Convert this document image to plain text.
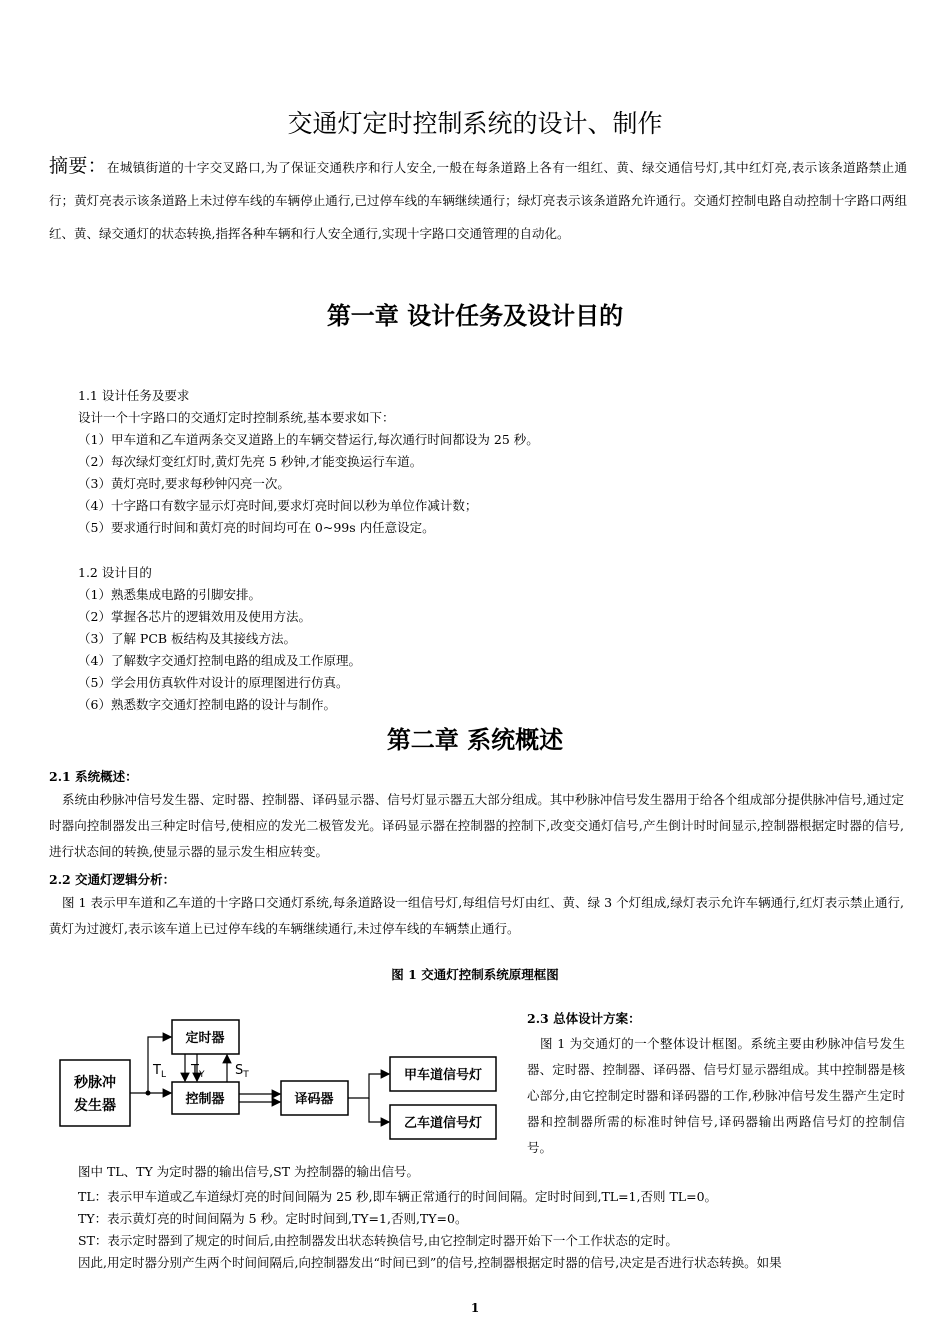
交通灯定时控制系统的设计、制作
摘要：在城镇街道的十字交叉路口,为了保证交通秩序和行人安全,一般在每条道路上各有一组红、黄、绿交通信号灯,其中红灯亮,表示该条道路禁止通行；黄灯亮表示该条道路上未过停车线的车辆停止通行,已过停车线的车辆继续通行；绿灯亮表示该条道路允许通行。交通灯控制电路自动控制十字路口两组红、黄、绿交通灯的状态转换,指挥各种车辆和行人安全通行,实现十字路口交通管理的自动化。
第一章 设计任务及设计目的
1.1 设计任务及要求
设计一个十字路口的交通灯定时控制系统,基本要求如下：
（1）甲车道和乙车道两条交叉道路上的车辆交替运行,每次通行时间都设为 25 秒。
（2）每次绿灯变红灯时,黄灯先亮 5 秒钟,才能变换运行车道。
（3）黄灯亮时,要求每秒钟闪亮一次。
（4）十字路口有数字显示灯亮时间,要求灯亮时间以秒为单位作减计数；
（5）要求通行时间和黄灯亮的时间均可在 0~99s 内任意设定。
1.2 设计目的
（1）熟悉集成电路的引脚安排。
（2）掌握各芯片的逻辑效用及使用方法。
（3）了解 PCB 板结构及其接线方法。
（4）了解数字交通灯控制电路的组成及工作原理。
（5）学会用仿真软件对设计的原理图进行仿真。
（6）熟悉数字交通灯控制电路的设计与制作。
第二章 系统概述
2.1 系统概述：
系统由秒脉冲信号发生器、定时器、控制器、译码显示器、信号灯显示器五大部分组成。其中秒脉冲信号发生器用于给各个组成部分提供脉冲信号,通过定时器向控制器发出三种定时信号,使相应的发光二极管发光。译码显示器在控制器的控制下,改变交通灯信号,产生倒计时时间显示,控制器根据定时器的信号,进行状态间的转换,使显示器的显示发生相应转变。
2.2 交通灯逻辑分析：
图 1 表示甲车道和乙车道的十字路口交通灯系统,每条道路设一组信号灯,每组信号灯由红、黄、绿 3 个灯组成,绿灯表示允许车辆通行,红灯表示禁止通行,黄灯为过渡灯,表示该车道上已过停车线的车辆继续通行,未过停车线的车辆禁止通行。
图 1 交通灯控制系统原理框图
秒脉冲
发生器
定时器
控制器	译码器
甲车道信号灯
乙车道信号灯
$T_L$ $T_Y$ $S_T$
2.3 总体设计方案：
图 1 为交通灯的一个整体设计框图。系统主要由秒脉冲信号发生器、定时器、控制器、译码器、信号灯显示器组成。其中控制器是核心部分,由它控制定时器和译码器的工作,秒脉冲信号发生器产生定时器和控制器所需的标准时钟信号,译码器输出两路信号灯的控制信号。
图中 TL、TY 为定时器的输出信号,ST 为控制器的输出信号。
TL：表示甲车道或乙车道绿灯亮的时间间隔为 25 秒,即车辆正常通行的时间间隔。定时时间到,TL=1,否则 TL=0。
TY：表示黄灯亮的时间间隔为 5 秒。定时时间到,TY=1,否则,TY=0。
ST：表示定时器到了规定的时间后,由控制器发出状态转换信号,由它控制定时器开始下一个工作状态的定时。
因此,用定时器分别产生两个时间间隔后,向控制器发出“时间已到”的信号,控制器根据定时器的信号,决定是否进行状态转换。如果
1
